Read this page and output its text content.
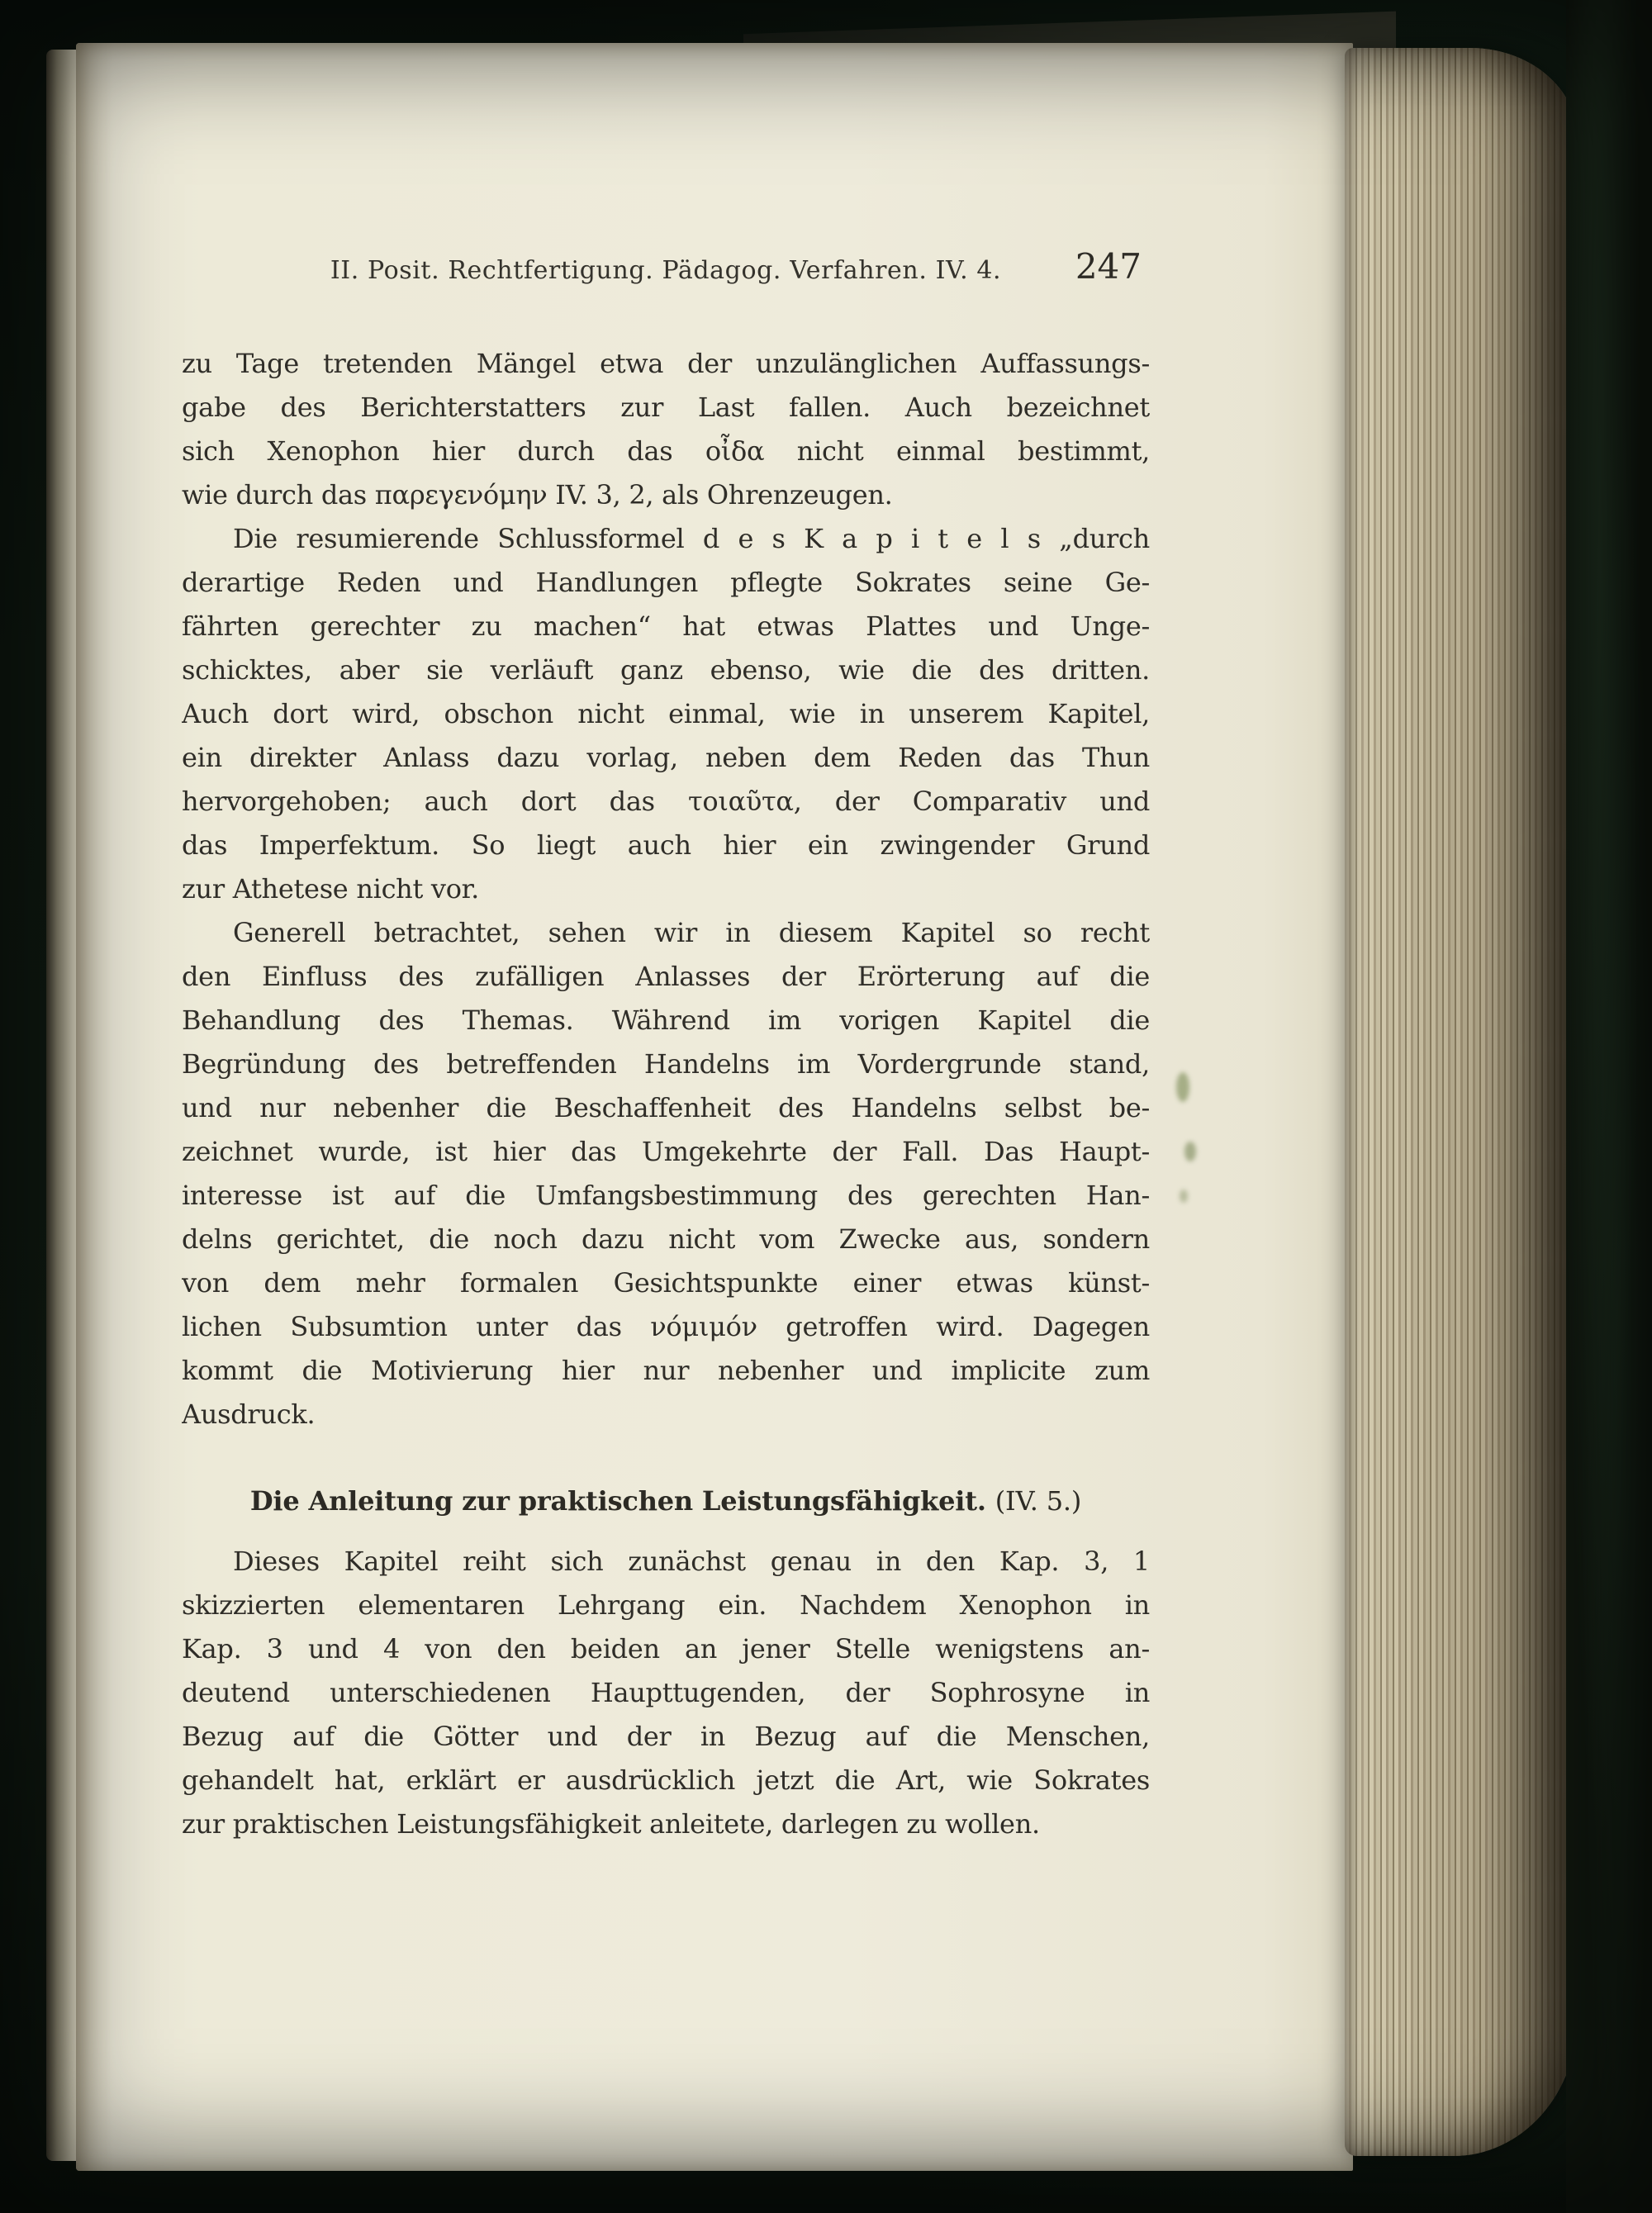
II. Posit. Rechtfertigung. Pädagog. Verfahren. IV. 4.	247
zu Tage tretenden Mängel etwa der unzulänglichen Auffassungs-
gabe des Berichterstatters zur Last fallen. Auch bezeichnet
sich Xenophon hier durch das οἶδα nicht einmal bestimmt,
wie durch das παρεγενόμην IV. 3, 2, als Ohrenzeugen.
Die resumierende Schlussformel d e s K a p i t e l s „durch
derartige Reden und Handlungen pflegte Sokrates seine Ge-
fährten gerechter zu machen“ hat etwas Plattes und Unge-
schicktes, aber sie verläuft ganz ebenso, wie die des dritten.
Auch dort wird, obschon nicht einmal, wie in unserem Kapitel,
ein direkter Anlass dazu vorlag, neben dem Reden das Thun
hervorgehoben; auch dort das τοιαῦτα, der Comparativ und
das Imperfektum. So liegt auch hier ein zwingender Grund
zur Athetese nicht vor.
Generell betrachtet, sehen wir in diesem Kapitel so recht
den Einfluss des zufälligen Anlasses der Erörterung auf die
Behandlung des Themas. Während im vorigen Kapitel die
Begründung des betreffenden Handelns im Vordergrunde stand,
und nur nebenher die Beschaffenheit des Handelns selbst be-
zeichnet wurde, ist hier das Umgekehrte der Fall. Das Haupt-
interesse ist auf die Umfangsbestimmung des gerechten Han-
delns gerichtet, die noch dazu nicht vom Zwecke aus, sondern
von dem mehr formalen Gesichtspunkte einer etwas künst-
lichen Subsumtion unter das νόμιμόν getroffen wird. Dagegen
kommt die Motivierung hier nur nebenher und implicite zum
Ausdruck.
Die Anleitung zur praktischen Leistungsfähigkeit. (IV. 5.)
Dieses Kapitel reiht sich zunächst genau in den Kap. 3, 1
skizzierten elementaren Lehrgang ein. Nachdem Xenophon in
Kap. 3 und 4 von den beiden an jener Stelle wenigstens an-
deutend unterschiedenen Haupttugenden, der Sophrosyne in
Bezug auf die Götter und der in Bezug auf die Menschen,
gehandelt hat, erklärt er ausdrücklich jetzt die Art, wie Sokrates
zur praktischen Leistungsfähigkeit anleitete, darlegen zu wollen.
